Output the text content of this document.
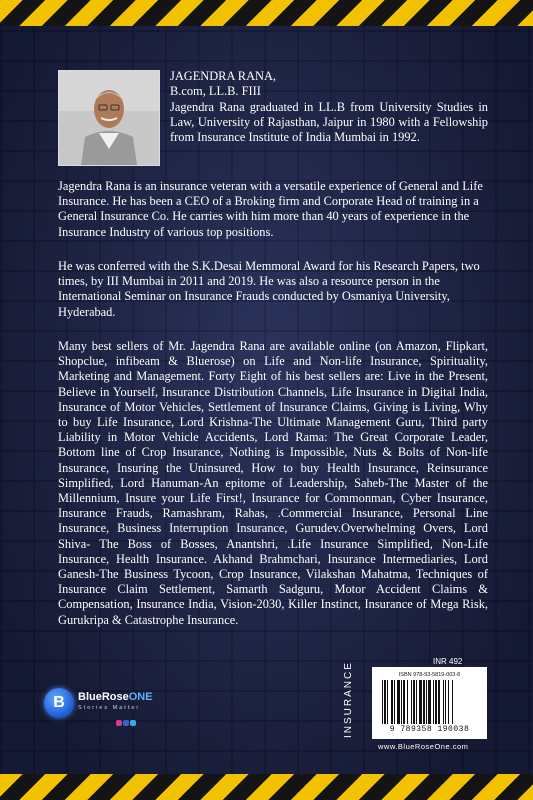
JAGENDRA RANA,
B.com, LL.B. FIII
Jagendra Rana graduated in LL.B from University Studies in Law, University of Rajasthan, Jaipur in 1980 with a Fellowship from Insurance Institute of India Mumbai in 1992.
Jagendra Rana is an insurance veteran with a versatile experience of General and Life Insurance. He has been a CEO of a Broking firm and Corporate Head of training in a General Insurance Co. He carries with him more than 40 years of experience in the Insurance Industry of various top positions.
He was conferred with the S.K.Desai Memmoral Award for his Research Papers, two times, by III Mumbai in 2011 and 2019. He was also a resource person in the International Seminar on Insurance Frauds conducted by Osmaniya University, Hyderabad.
Many best sellers of Mr. Jagendra Rana are available online (on Amazon, Flipkart, Shopclue, infibeam & Bluerose) on Life and Non-life Insurance, Spirituality, Marketing and Management. Forty Eight of his best sellers are: Live in the Present, Believe in Yourself, Insurance Distribution Channels, Life Insurance in Digital India, Insurance of Motor Vehicles, Settlement of Insurance Claims, Giving is Living, Why to buy Life Insurance, Lord Krishna-The Ultimate Management Guru, Third party Liability in Motor Vehicle Accidents, Lord Rama: The Great Corporate Leader, Bottom line of Crop Insurance, Nothing is Impossible, Nuts & Bolts of Non-life Insurance, Insuring the Uninsured, How to buy Health Insurance, Reinsurance Simplified, Lord Hanuman-An epitome of Leadership, Saheb-The Master of the Millennium, Insure your Life First!, Insurance for Commonman, Cyber Insurance, Insurance Frauds, Ramashram, Rahas, .Commercial Insurance, Personal Line Insurance, Business Interruption Insurance, Gurudev.Overwhelming Overs, Lord Shiva- The Boss of Bosses, Anantshri, .Life Insurance Simplified, Non-Life Insurance, Health Insurance. Akhand Brahmchari, Insurance Intermediaries, Lord Ganesh-The Business Tycoon, Crop Insurance, Vilakshan Mahatma, Techniques of Insurance Claim Settlement, Samarth Sadguru, Motor Accident Claims & Compensation, Insurance India, Vision-2030, Killer Instinct, Insurance of Mega Risk, Gurukripa & Catastrophe Insurance.
B	BlueRoseONE
Stories Matter
INR 492
INSURANCE	ISBN 978-93-5819-003-8
9 789358 190038
www.BlueRoseOne.com
